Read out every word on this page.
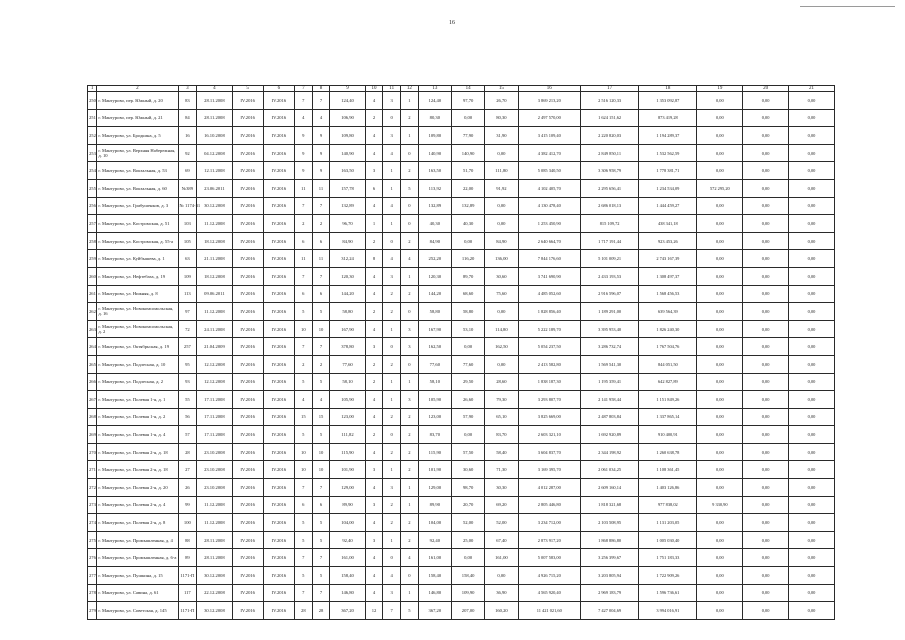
16
1	2	3	4	5	6	7	8	9	10	11	12	13	14	15	16	17	18	19	20	21
250	г. Мантурово, пер. Южный, д. 20	83	28.11.2008	IV.2016	IV.2016	7	7	124,40	4	3	1	124,40	97,70	26,70	3 869 213,20	2 516 120,33	1 353 092,87	0,00	0,00	0,00
251	г. Мантурово, пер. Южный, д. 21	84	28.11.2008	IV.2016	IV.2016	4	4	106,90	2	0	2	80,30	0,00	80,30	2 497 570,00	1 624 151,62	873 419,28	0,00	0,00	0,00
252	г. Мантурово, ул. Бродкина, д. 5	16	16.10.2008	IV.2016	IV.2016	9	9	109,80	4	3	1	109,80	77,90	31,90	3 415 109,40	2 220 820,03	1 194 289,37	0,00	0,00	0,00
253	г. Мантурово, ул. Верхняя Набережная, д. 10	92	04.12.2008	IV.2016	IV.2016	9	9	140,90	4	4	0	140,90	140,90	0,00	4 382 412,70	2 849 850,11	1 532 562,59	0,00	0,00	0,00
254	г. Мантурово, ул. Вокзальная, д. 53	69	12.11.2008	IV.2016	IV.2016	9	9	163,50	3	1	2	163,50	51,70	111,80	5 085 340,50	3 306 958,79	1 778 381,71	0,00	0,00	0,00
255	г. Мантурово, ул. Вокзальная, д. 60	№389	23.06.2011	IV.2016	IV.2016	11	11	157,78	6	1	5	113,92	22,00	91,92	4 102 405,70	2 295 656,41	1 234 534,09	572 295,20	0,00	0,00
256	г. Мантурово, ул. Грибушенков, д. 3	№ 1174-31	30.12.2008	IV.2016	IV.2016	7	7	132,89	4	4	0	132,89	132,89	0,00	4 130 478,40	2 686 018,13	1 444 459,27	0,00	0,00	0,00
257	г. Мантурово, ул. Костромская, д. 51	103	11.12.2008	IV.2016	IV.2016	2	2	96,70	1	1	0	40,30	40,30	0,00	1 253 450,90	815 109,72	438 341,18	0,00	0,00	0,00
258	г. Мантурово, ул. Костромская, д. 55-а	105	18.12.2008	IV.2016	IV.2016	6	6	84,90	2	0	2	84,90	0,00	84,90	2 640 664,70	1 717 191,44	923 453,26	0,00	0,00	0,00
259	г. Мантурово, ул. Куйбышева, д. 1	63	21.11.2008	IV.2016	IV.2016	11	11	312,24	8	4	4	252,20	116,20	136,00	7 844 176,60	5 101 009,21	2 743 167,39	0,00	0,00	0,00
260	г. Мантурово, ул. Нефтебаза, д. 19	109	18.12.2008	IV.2016	IV.2016	7	7	120,30	4	3	1	120,30	89,70	30,60	3 741 690,90	2 433 193,53	1 308 497,37	0,00	0,00	0,00
261	г. Мантурово, ул. Нижняя, д. 8	113	09.06.2011	IV.2016	IV.2016	6	6	144,20	4	2	2	144,20	68,60	75,60	4 485 052,60	2 916 596,07	1 568 456,53	0,00	0,00	0,00
262	г. Мантурово, ул. Новокомсомольская, д. 16	97	11.12.2008	IV.2016	IV.2016	5	5	58,80	2	2	0	58,80	58,80	0,00	1 828 856,40	1 189 291,00	639 564,39	0,00	0,00	0,00
263	г. Мантурово, ул. Новокомсомольская, д. 2	72	24.11.2008	IV.2016	IV.2016	10	10	167,90	4	1	3	167,90	53,10	114,80	5 222 189,70	3 395 953,40	1 826 240,30	0,00	0,00	0,00
264	г. Мантурово, ул. Октябрьская, д. 19	257	21.04.2009	IV.2016	IV.2016	7	7	378,80	3	0	3	162,50	0,00	162,50	5 054 237,50	3 286 732,74	1 767 504,76	0,00	0,00	0,00
265	г. Мантурово, ул. Подлесная, д. 10	95	12.12.2008	IV.2016	IV.2016	2	2	77,60	2	2	0	77,60	77,60	0,00	2 413 582,80	1 569 541,30	844 051,50	0,00	0,00	0,00
266	г. Мантурово, ул. Подлесная, д. 2	93	12.12.2008	IV.2016	IV.2016	5	5	58,10	2	1	1	58,10	29,50	28,60	1 838 187,30	1 195 359,41	642 827,89	0,00	0,00	0,00
267	г. Мантурово, ул. Полевая 1-я, д. 1	55	17.11.2008	IV.2016	IV.2016	4	4	105,90	4	1	3	105,90	26,60	79,30	3 293 807,70	2 141 958,44	1 151 849,26	0,00	0,00	0,00
268	г. Мантурово, ул. Полевая 1-я, д. 2	56	17.11.2008	IV.2016	IV.2016	15	15	123,00	4	2	2	123,00	57,90	65,10	3 825 669,00	2 487 803,84	1 337 865,14	0,00	0,00	0,00
269	г. Мантурово, ул. Полевая 1-я, д. 4	57	17.11.2008	IV.2016	IV.2016	5	5	111,82	2	0	2	83,70	0,00	83,70	2 603 321,10	1 692 920,89	910 400,91	0,00	0,00	0,00
270	г. Мантурово, ул. Полевая 2-я, д. 18	28	23.10.2008	IV.2016	IV.2016	10	10	115,90	4	2	2	115,90	57,50	58,40	3 604 837,70	2 344 198,92	1 260 638,78	0,00	0,00	0,00
271	г. Мантурово, ул. Полевая 2-я, д. 18	27	23.10.2008	IV.2016	IV.2016	10	10	101,90	3	1	2	101,90	30,60	71,30	3 169 395,70	2 061 034,25	1 108 361,45	0,00	0,00	0,00
272	г. Мантурово, ул. Полевая 2-я, д. 20	26	23.10.2008	IV.2016	IV.2016	7	7	129,00	4	3	1	129,00	98,70	30,30	4 012 287,00	2 609 160,14	1 403 126,86	0,00	0,00	0,00
273	г. Мантурово, ул. Полевая 2-я, д. 4	99	11.12.2008	IV.2016	IV.2016	6	6	89,90	3	2	1	89,90	20,70	69,20	2 805 446,80	1 818 321,68	977 838,02	9 330,90	0,00	0,00
274	г. Мантурово, ул. Полевая 2-я, д. 8	100	11.12.2008	IV.2016	IV.2016	5	5	104,00	4	2	2	104,00	52,00	52,00	3 234 712,00	2 103 508,95	1 131 203,05	0,00	0,00	0,00
275	г. Мантурово, ул. Промышленная, д. 4	88	28.11.2008	IV.2016	IV.2016	5	5	92,40	3	1	2	92,40	25,00	67,40	2 873 917,20	1 868 886,80	1 005 030,40	0,00	0,00	0,00
276	г. Мантурово, ул. Промышленная, д. 6-а	89	28.11.2008	IV.2016	IV.2016	7	7	161,00	4	0	4	161,00	0,00	161,00	5 007 583,00	3 256 399,67	1 751 183,33	0,00	0,00	0,00
277	г. Мантурово, ул. Пушкина, д. 15	1171-П	30.12.2008	IV.2016	IV.2016	5	5	158,40	4	4	0	158,40	158,40	0,00	4 926 715,20	3 203 805,94	1 722 909,26	0,00	0,00	0,00
278	г. Мантурово, ул. Савина, д. 61	117	22.12.2008	IV.2016	IV.2016	7	7	146,80	4	3	1	146,80	109,90	36,90	4 565 920,40	2 969 183,79	1 596 736,61	0,00	0,00	0,00
279	г. Мантурово, ул. Советская, д. 145	1171-П	30.12.2008	IV.2016	IV.2016	28	28	367,20	12	7	5	367,20	207,00	160,20	11 421 021,60	7 427 004,69	3 994 016,91	0,00	0,00	0,00
